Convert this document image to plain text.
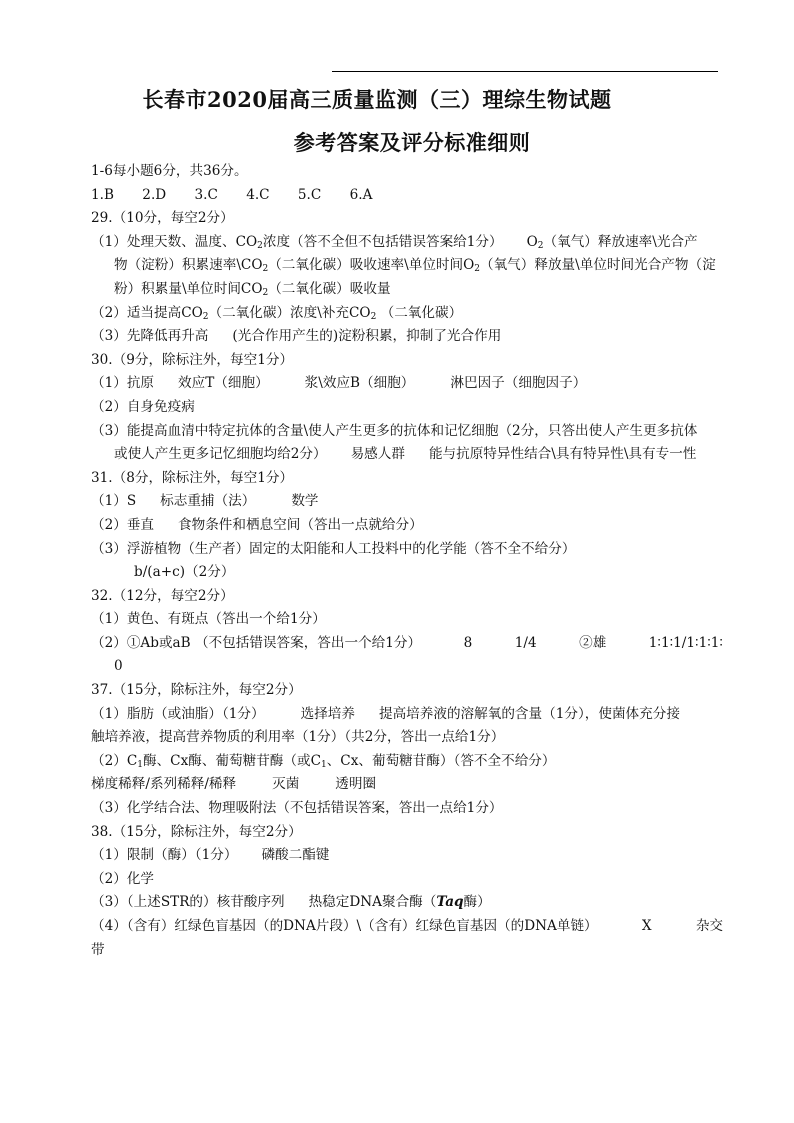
长春市2020届高三质量监测（三）理综生物试题
参考答案及评分标准细则
1-6每小题6分，共36分。
1.B 2.D 3.C 4.C 5.C 6.A
29.（10分，每空2分）
（1）处理天数、温度、$CO_2$浓度（答不全但不包括错误答案给1分） $O_2$（氧气）释放速率\光合产
物（淀粉）积累速率$\backslash CO_2$（二氧化碳）吸收速率\单位时间$O_2$（氧气）释放量\单位时间光合产物（淀
粉）积累量\单位时间$CO_2$（二氧化碳）吸收量
（2）适当提高$CO_2$（二氧化碳）浓度\补充$CO_2$ （二氧化碳）
（3）先降低再升高 (光合作用产生的)淀粉积累，抑制了光合作用
30.（9分，除标注外，每空1分）
（1）抗原 效应T（细胞）	浆\效应B（细胞）	淋巴因子（细胞因子）
（2）自身免疫病
（3）能提高血清中特定抗体的含量\使人产生更多的抗体和记忆细胞（2分，只答出使人产生更多抗体
或使人产生更多记忆细胞均给2分） 易感人群 能与抗原特异性结合\具有特异性\具有专一性
31.（8分，除标注外，每空1分）
（1）S 标志重捕（法）	数学
（2）垂直 食物条件和栖息空间（答出一点就给分）
（3）浮游植物（生产者）固定的太阳能和人工投料中的化学能（答不全不给分）
b/(a+c)（2分）
32.（12分，每空2分）
（1）黄色、有斑点（答出一个给1分）
（2）①Ab或aB （不包括错误答案，答出一个给1分）	8	1/4	②雄	1∶1∶1/1∶1∶1∶
0
37.（15分，除标注外，每空2分）
（1）脂肪（或油脂）（1分）	选择培养 提高培养液的溶解氧的含量（1分），使菌体充分接
触培养液，提高营养物质的利用率（1分）（共2分，答出一点给1分）
$(2)C_1$酶、Cx酶、葡萄糖苷酶（或$C_1$、Cx、葡萄糖苷酶）（答不全不给分）
梯度稀释/系列稀释/稀释	灭菌	透明圈
（3）化学结合法、物理吸附法（不包括错误答案，答出一点给1分）
38.（15分，除标注外，每空2分）
（1）限制（酶）（1分） 磷酸二酯键
（2）化学
（3）（上述STR的）核苷酸序列 热稳定DNA聚合酶（Taq酶）
（4）（含有）红绿色盲基因（的DNA片段）\（含有）红绿色盲基因（的DNA单链）	X	杂交
带
